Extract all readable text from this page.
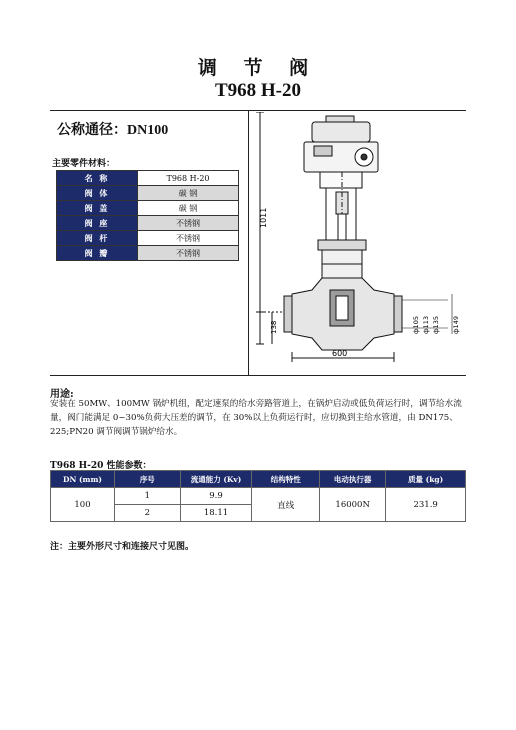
调 节 阀
T968 H-20
公称通径：DN100
主要零件材料：
名 称	T968 H-20
阀 体	碳 钢
阀 盖	碳 钢
阀 座	不锈钢
阀 杆	不锈钢
阀 瓣	不锈钢
1011
138
600
ф105 ф113 ф135 ф149
用途:
安装在 50MW、100MW 锅炉机组，配定速泵的给水旁路管道上，在锅炉启动或低负荷运行时，调节给水流量，阀门能满足 0~30%负荷大压差的调节，在 30%以上负荷运行时，应切换到主给水管道，由 DN175、225;PN20 调节阀调节锅炉给水。
T968 H-20 性能参数：
DN (mm)	序号	流通能力 (Kv)	结构特性	电动执行器	质量 (kg)
100	1	9.9	直线	16000N	231.9
	2	18.11			
注：主要外形尺寸和连接尺寸见图。
